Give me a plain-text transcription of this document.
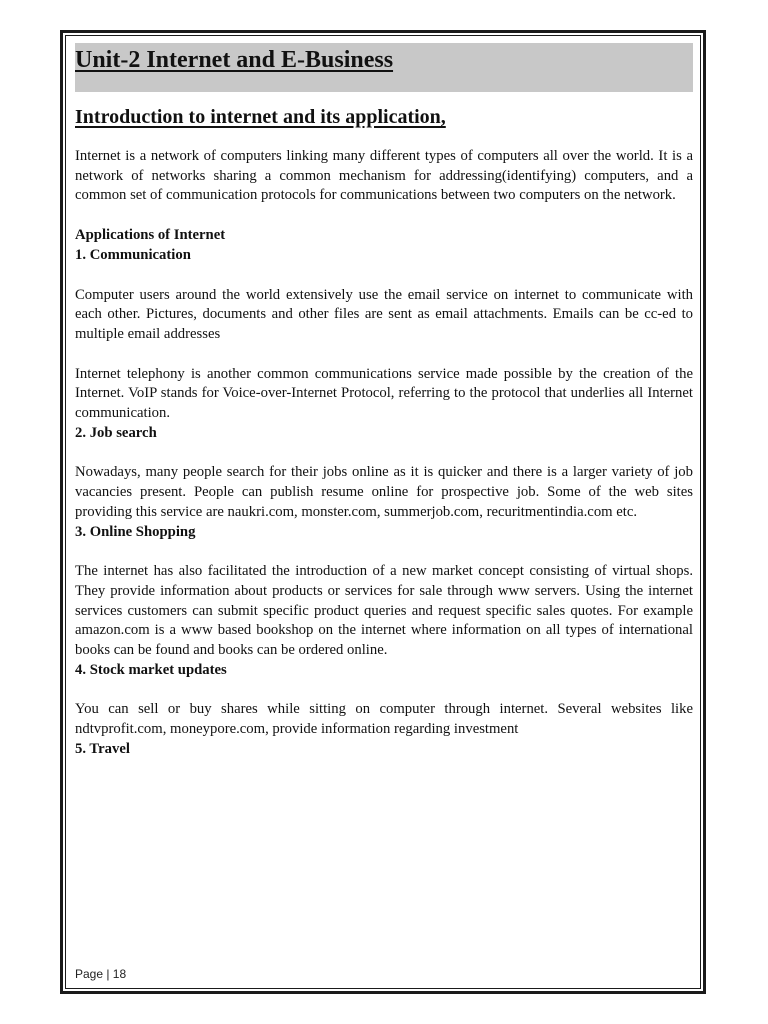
Unit-2 Internet and E-Business
Introduction to internet and its application,

Internet is a network of computers linking many different types of computers all over the world. It is a network of networks sharing a common mechanism for addressing(identifying) computers, and a common set of communication protocols for communications between two computers on the network.

Applications of Internet
1. Communication

Computer users around the world extensively use the email service on internet to communicate with each other. Pictures, documents and other files are sent as email attachments. Emails can be cc-ed to multiple email addresses

Internet telephony is another common communications service made possible by the creation of the Internet. VoIP stands for Voice-over-Internet Protocol, referring to the protocol that underlies all Internet communication.

2. Job search

Nowadays, many people search for their jobs online as it is quicker and there is a larger variety of job vacancies present. People can publish resume online for prospective job. Some of the web sites providing this service are naukri.com, monster.com, summerjob.com, recuritmentindia.com etc.

3. Online Shopping

The internet has also facilitated the introduction of a new market concept consisting of virtual shops. They provide information about products or services for sale through www servers. Using the internet services customers can submit specific product queries and request specific sales quotes. For example amazon.com is a www based bookshop on the internet where information on all types of international books can be found and books can be ordered online.

4. Stock market updates

You can sell or buy shares while sitting on computer through internet. Several websites like ndtvprofit.com, moneypore.com, provide information regarding investment

5. Travel
Page | 18
